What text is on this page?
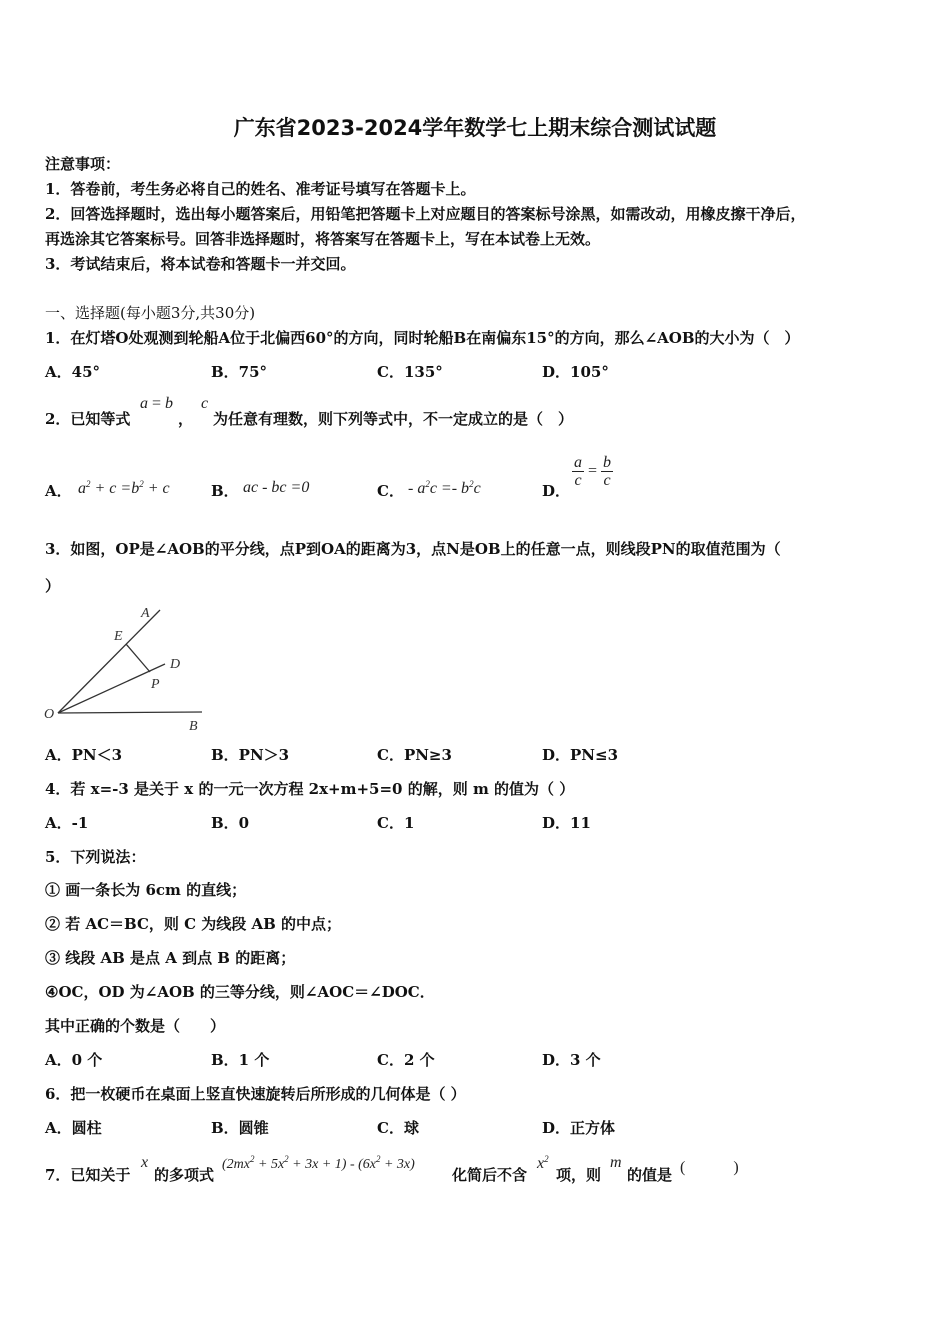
广东省2023-2024学年数学七上期末综合测试试题
注意事项：
1．答卷前，考生务必将自己的姓名、准考证号填写在答题卡上。
2．回答选择题时，选出每小题答案后，用铅笔把答题卡上对应题目的答案标号涂黑，如需改动，用橡皮擦干净后，
再选涂其它答案标号。回答非选择题时，将答案写在答题卡上，写在本试卷上无效。
3．考试结束后，将本试卷和答题卡一并交回。
一、选择题(每小题3分,共30分)
1．在灯塔O处观测到轮船A位于北偏西60°的方向，同时轮船B在南偏东15°的方向，那么∠AOB的大小为（　）
A．45°	B．75°	C．135°	D．105°
2．已知等式
a = b
，
c
为任意有理数，则下列等式中，不一定成立的是（　）
A． $a^2 + c =b^2 + c$	B． ac - bc =0	C． - $a^2c =- b^2c$	D．
$\frac{a}{c} = \frac{b}{c}$
3．如图，OP是∠AOB的平分线，点P到OA的距离为3，点N是OB上的任意一点，则线段PN的取值范围为（
）
A
E
D
P
O
B
A．PN＜3	B．PN＞3	C．PN≥3	D．PN≤3
4．若 x=-3 是关于 x 的一元一次方程 2x+m+5=0 的解，则 m 的值为（ ）
A．-1	B．0	C．1	D．11
5．下列说法：
① 画一条长为 6cm 的直线；
② 若 AC＝BC，则 C 为线段 AB 的中点；
③ 线段 AB 是点 A 到点 B 的距离；
④OC，OD 为∠AOB 的三等分线，则∠AOC＝∠DOC．
其中正确的个数是（　　）
A．0 个	B．1 个	C．2 个	D．3 个
6．把一枚硬币在桌面上竖直快速旋转后所形成的几何体是（ ）
A．圆柱	B．圆锥	C．球	D．正方体
7．已知关于
x
的多项式
$(2mx^2 + 5x^2 + 3x + 1) - (6x^2 + 3x)$
化简后不含
$x^2$
项，则
m
的值是 (　　　)
